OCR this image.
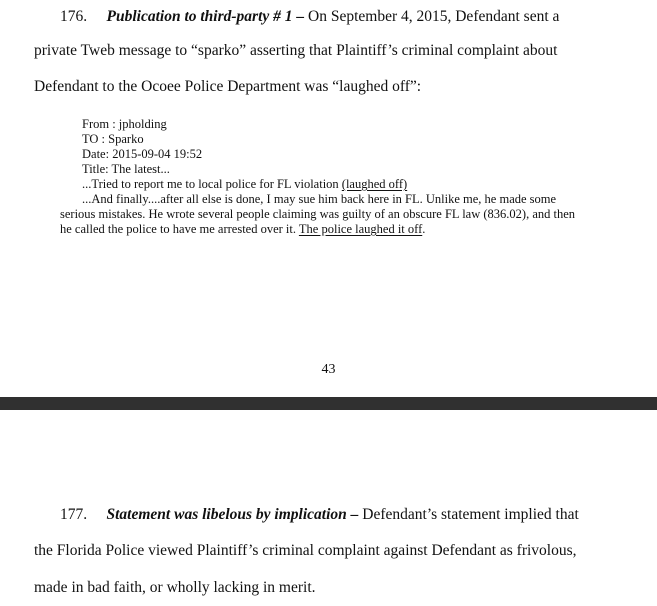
176. Publication to third-party # 1 – On September 4, 2015, Defendant sent a
private Tweb message to “sparko” asserting that Plaintiff’s criminal complaint about
Defendant to the Ocoee Police Department was “laughed off”:
From : jpholding
TO : Sparko
Date: 2015-09-04 19:52
Title: The latest...
...Tried to report me to local police for FL violation (laughed off)
...And finally....after all else is done, I may sue him back here in FL. Unlike me, he made some
serious mistakes. He wrote several people claiming was guilty of an obscure FL law (836.02), and then
he called the police to have me arrested over it. The police laughed it off.
43
177. Statement was libelous by implication – Defendant’s statement implied that
the Florida Police viewed Plaintiff’s criminal complaint against Defendant as frivolous,
made in bad faith, or wholly lacking in merit.
